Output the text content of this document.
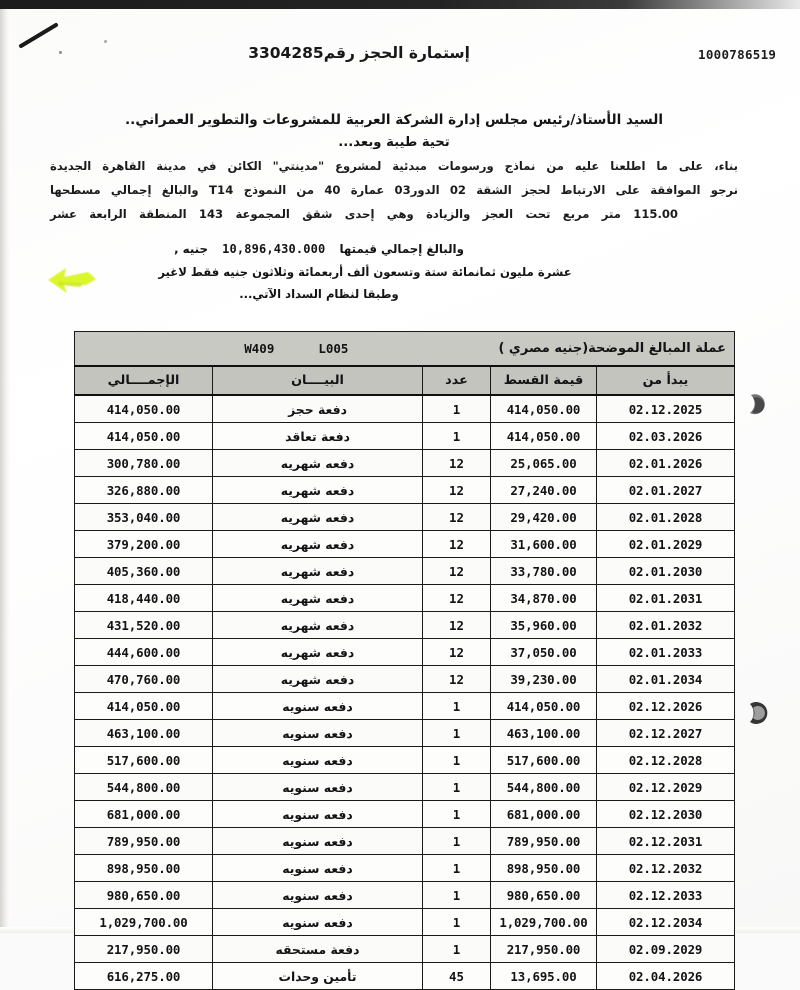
إستمارة الحجز رقم3304285	1000786519

السيد الأستاذ/رئيس مجلس إدارة الشركة العربية للمشروعات والتطوير العمراني..

تحية طيبة وبعد...

بناء، على ما اطلعنا عليه من نماذج ورسومات مبدئية لمشروع "مدينتي" الكائن في مدينة القاهرة الجديدة

نرجو الموافقة على الارتباط لحجز الشقة 02 الدور03 عمارة 40 من النموذج T14 والبالغ إجمالي مسطحها

115.00 متر مربع تحت العجز والزيادة وهي إحدى شقق المجموعة 143 المنطقة الرابعة عشر

والبالغ إجمالي قيمتها 10,896,430.000 جنيه ,

عشرة مليون ثمانمائة ستة وتسعون ألف أربعمائة وثلاثون جنيه فقط لاغير

وطبقا لنظام السداد الآتي...

عملة المبالغ الموضحة(جنيه مصري )
W409 L005				

يبدأ من	قيمة القسط	عدد	البيــــان	الإجمــــالي
02.12.2025	414,050.00	1	دفعة حجز	414,050.00
02.03.2026	414,050.00	1	دفعة تعاقد	414,050.00
02.01.2026	25,065.00	12	دفعه شهريه	300,780.00
02.01.2027	27,240.00	12	دفعه شهريه	326,880.00
02.01.2028	29,420.00	12	دفعه شهريه	353,040.00
02.01.2029	31,600.00	12	دفعه شهريه	379,200.00
02.01.2030	33,780.00	12	دفعه شهريه	405,360.00
02.01.2031	34,870.00	12	دفعه شهريه	418,440.00
02.01.2032	35,960.00	12	دفعه شهريه	431,520.00
02.01.2033	37,050.00	12	دفعه شهريه	444,600.00
02.01.2034	39,230.00	12	دفعه شهريه	470,760.00
02.12.2026	414,050.00	1	دفعه سنويه	414,050.00
02.12.2027	463,100.00	1	دفعه سنويه	463,100.00
02.12.2028	517,600.00	1	دفعه سنويه	517,600.00
02.12.2029	544,800.00	1	دفعه سنويه	544,800.00
02.12.2030	681,000.00	1	دفعه سنويه	681,000.00
02.12.2031	789,950.00	1	دفعه سنويه	789,950.00
02.12.2032	898,950.00	1	دفعه سنويه	898,950.00
02.12.2033	980,650.00	1	دفعه سنويه	980,650.00
02.12.2034	1,029,700.00	1	دفعه سنويه	1,029,700.00
02.09.2029	217,950.00	1	دفعة مستحقه	217,950.00
02.04.2026	13,695.00	45	تأمين وحدات	616,275.00
